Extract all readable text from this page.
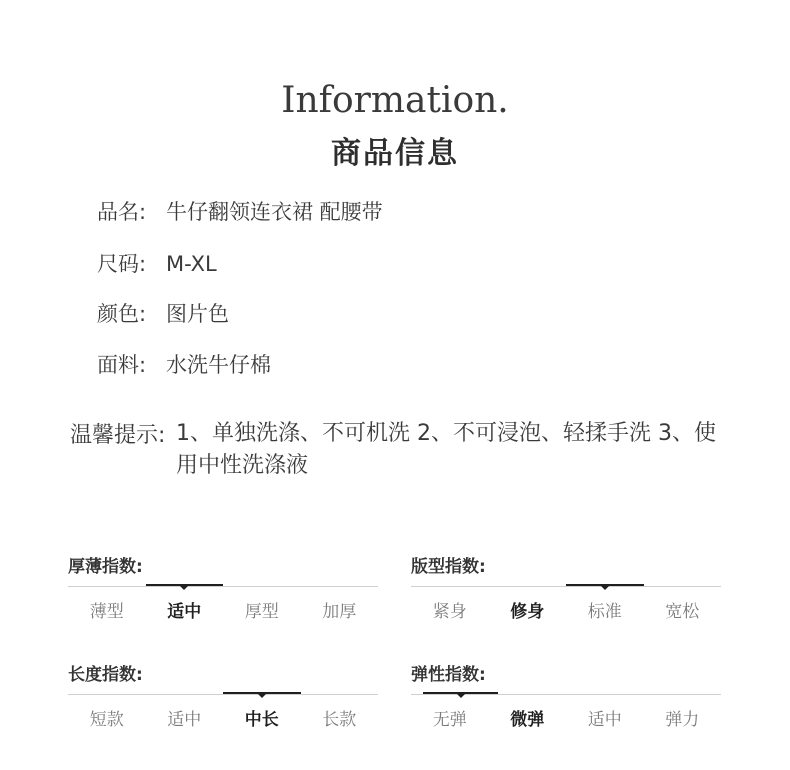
Information.
商品信息
品名: 牛仔翻领连衣裙 配腰带
尺码: M-XL
颜色: 图片色
面料: 水洗牛仔棉
温馨提示: 1、单独洗涤、不可机洗 2、不可浸泡、轻揉手洗 3、使用中性洗涤液
厚薄指数:
薄型	适中	厚型	加厚
版型指数:
紧身	修身	标准	宽松
长度指数:
短款	适中	中长	长款
弹性指数:
无弹	微弹	适中	弹力
